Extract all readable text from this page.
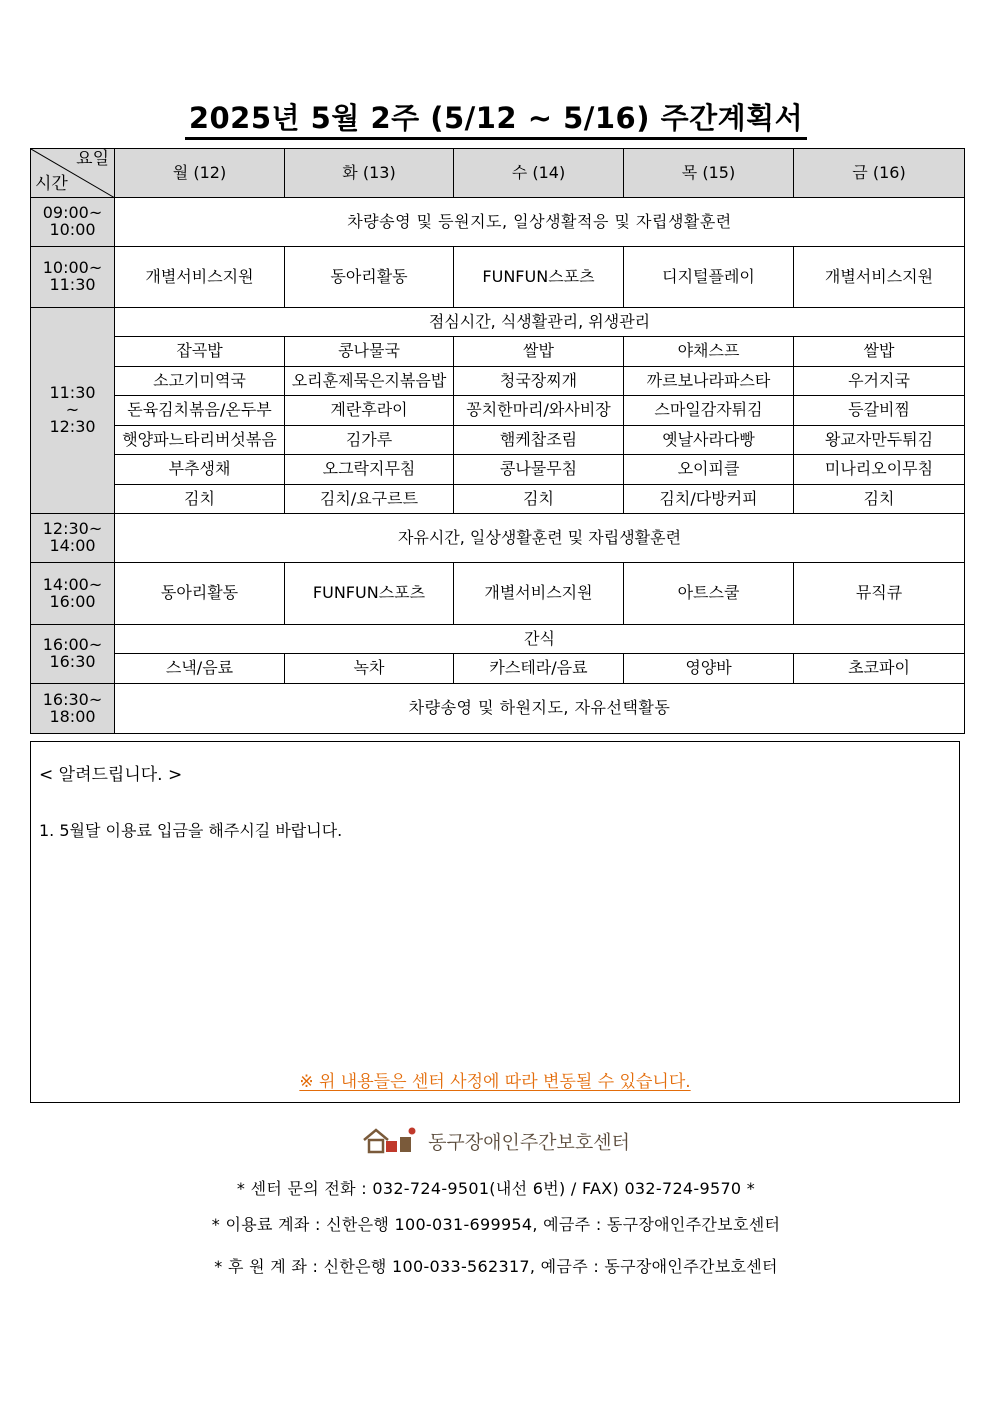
2025년 5월 2주 (5/12 ~ 5/16) 주간계획서
요일
시간	월 (12)	화 (13)	수 (14)	목 (15)	금 (16)
09:00~
10:00	차량송영 및 등원지도, 일상생활적응 및 자립생활훈련				
10:00~
11:30	개별서비스지원	동아리활동	FUNFUN스포츠	디지털플레이	개별서비스지원
11:30
~
12:30	점심시간, 식생활관리, 위생관리				
	잡곡밥	콩나물국	쌀밥	야채스프	쌀밥
	소고기미역국	오리훈제묵은지볶음밥	청국장찌개	까르보나라파스타	우거지국
	돈육김치볶음/온두부	계란후라이	꽁치한마리/와사비장	스마일감자튀김	등갈비찜
	햇양파느타리버섯볶음	김가루	햄케찹조림	옛날사라다빵	왕교자만두튀김
	부추생채	오그락지무침	콩나물무침	오이피클	미나리오이무침
	김치	김치/요구르트	김치	김치/다방커피	김치
12:30~
14:00	자유시간, 일상생활훈련 및 자립생활훈련				
14:00~
16:00	동아리활동	FUNFUN스포츠	개별서비스지원	아트스쿨	뮤직큐
16:00~
16:30	간식				
	스낵/음료	녹차	카스테라/음료	영양바	초코파이
16:30~
18:00	차량송영 및 하원지도, 자유선택활동				
< 알려드립니다. >
1. 5월달 이용료 입금을 해주시길 바랍니다.
※ 위 내용들은 센터 사정에 따라 변동될 수 있습니다.
동구장애인주간보호센터
* 센터 문의 전화 : 032-724-9501(내선 6번) / FAX) 032-724-9570 *
* 이용료 계좌 : 신한은행 100-031-699954, 예금주 : 동구장애인주간보호센터
* 후 원 계 좌 : 신한은행 100-033-562317, 예금주 : 동구장애인주간보호센터
